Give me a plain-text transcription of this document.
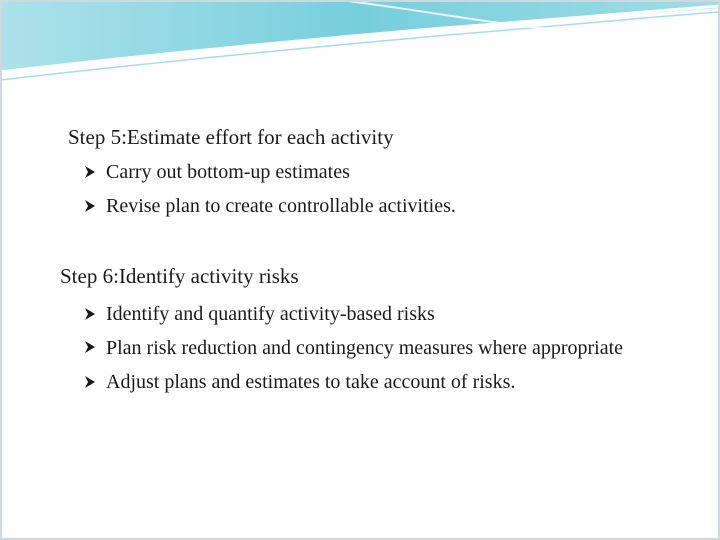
Step 5:Estimate effort for each activity
Carry out bottom-up estimates
Revise plan to create controllable activities.
Step 6:Identify activity risks
Identify and quantify activity-based risks
Plan risk reduction and contingency measures where appropriate
Adjust plans and estimates to take account of risks.
